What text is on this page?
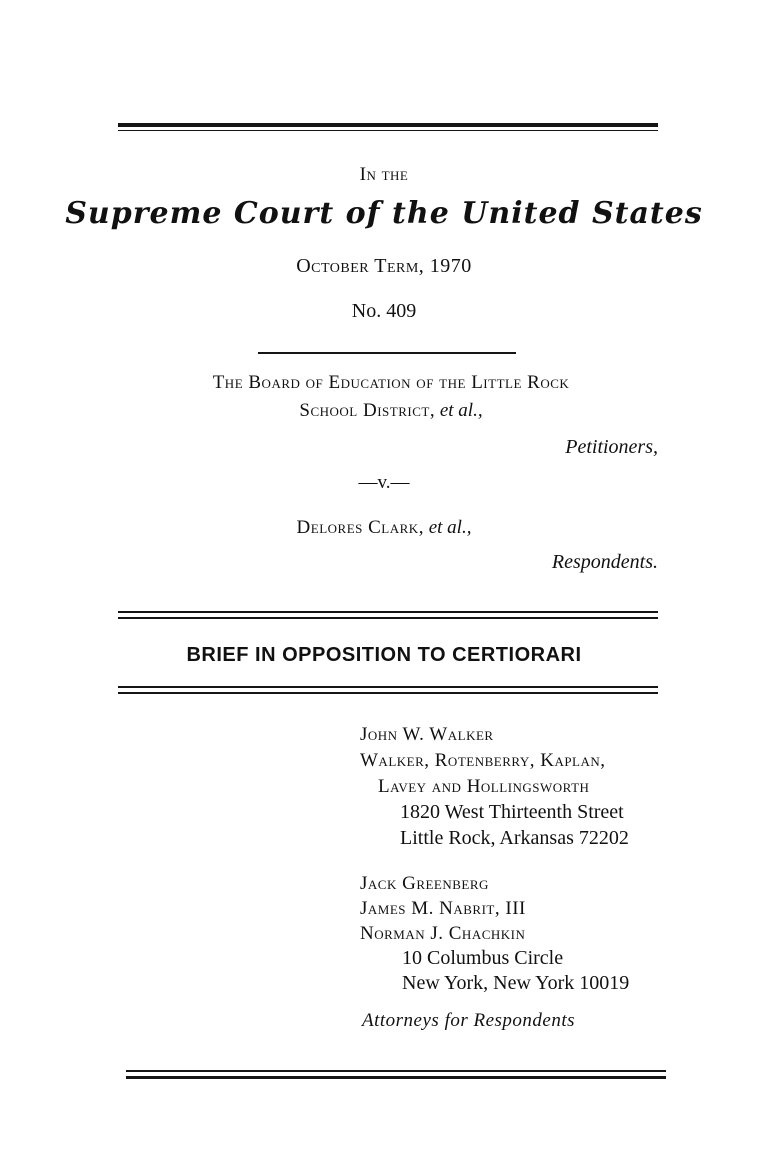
In the
Supreme Court of the United States
October Term, 1970
No. 409
The Board of Education of the Little Rock
School District, et al.,
Petitioners,
—v.—
Delores Clark, et al.,
Respondents.
BRIEF IN OPPOSITION TO CERTIORARI
John W. Walker
Walker, Rotenberry, Kaplan,
Lavey and Hollingsworth
1820 West Thirteenth Street
Little Rock, Arkansas 72202
Jack Greenberg
James M. Nabrit, III
Norman J. Chachkin
10 Columbus Circle
New York, New York 10019
Attorneys for Respondents
